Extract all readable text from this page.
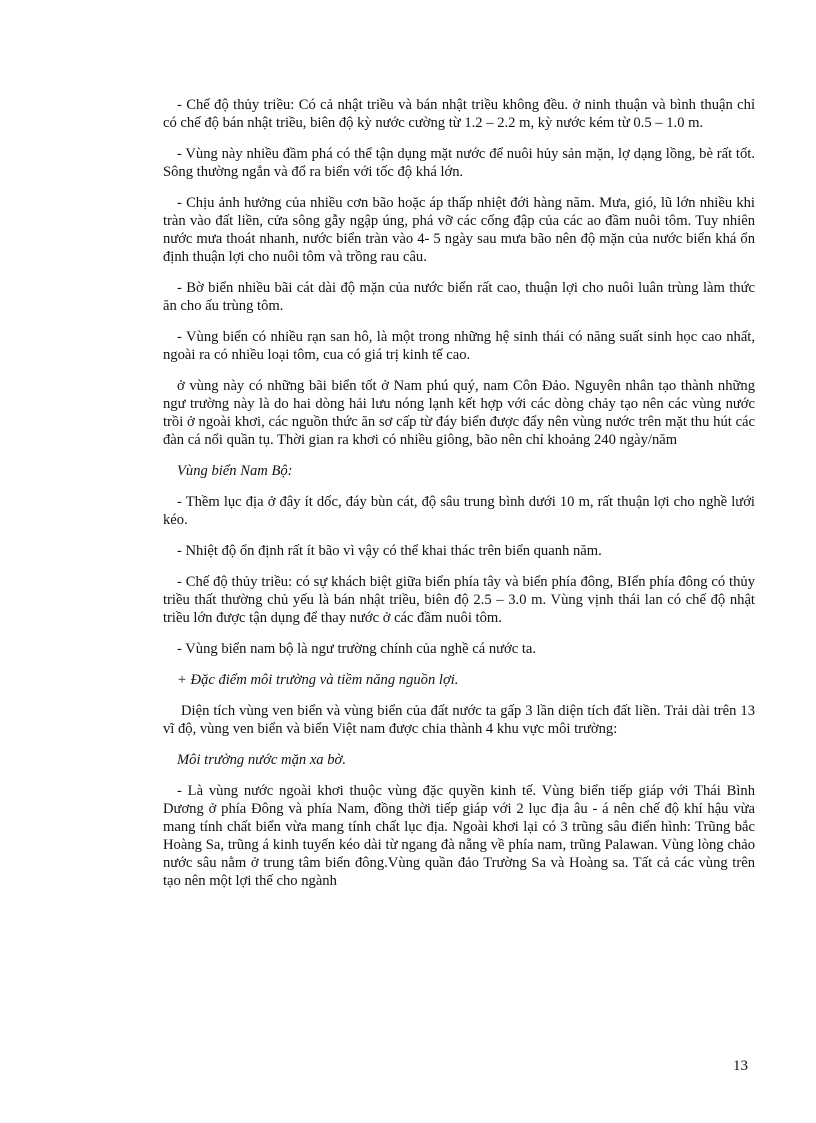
- Chế độ thủy triều: Có cả nhật triều và bán nhật triều không đều. ở ninh thuận và bình thuận chỉ có chế độ bán nhật triều, biên độ kỳ nước cường từ 1.2 – 2.2 m, kỳ nước kém từ 0.5 – 1.0 m.

- Vùng này nhiều đầm phá có thể tận dụng mặt nước để nuôi hủy sản mặn, lợ dạng lồng, bè rất tốt. Sông thường ngắn và đổ ra biển với tốc độ khá lớn.

- Chịu ảnh hưởng của nhiều cơn bão hoặc áp thấp nhiệt đới hàng năm. Mưa, gió, lũ lớn nhiều khi tràn vào đất liền, cửa sông gẫy ngập úng, phá vỡ các cống đập của các ao đầm nuôi tôm. Tuy nhiên nước mưa thoát nhanh, nước biển tràn vào 4- 5 ngày sau mưa bão nên độ mặn của nước biển khá ổn định thuận lợi cho nuôi tôm và trồng rau câu.

- Bờ biển nhiều bãi cát dài độ mặn của nước biển rất cao, thuận lợi cho nuôi luân trùng làm thức ăn cho ấu trùng tôm.

- Vùng biển có nhiều rạn san hô, là một trong những hệ sinh thái có năng suất sinh học cao nhất, ngoài ra có nhiều loại tôm, cua có giá trị kinh tế cao.

ở vùng này có những bãi biển tốt ở Nam phú quý, nam Côn Đảo. Nguyên nhân tạo thành những ngư trường này là do hai dòng hải lưu nóng lạnh kết hợp với các dòng chảy tạo nên các vùng nước trồi ở ngoài khơi, các nguồn thức ăn sơ cấp từ đáy biển được đẩy nên vùng nước trên mặt thu hút các đàn cá nổi quần tụ. Thời gian ra khơi có nhiều giông, bão nên chỉ khoảng 240 ngày/năm

Vùng biển Nam Bộ:

- Thềm lục địa ở đây ít dốc, đáy bùn cát, độ sâu trung bình dưới 10 m, rất thuận lợi cho nghề lưới kéo.

- Nhiệt độ ổn định rất ít bão vì vậy có thể khai thác trên biển quanh năm.

- Chế độ thủy triều: có sự khách biệt giữa biển phía tây và biển phía đông, BIển phía đông có thủy triều thất thường chủ yếu là bán nhật triều, biên độ 2.5 – 3.0 m. Vùng vịnh thái lan có chế độ nhật triều lớn được tận dụng để thay nước ở các đầm nuôi tôm.

- Vùng biển nam bộ là ngư trường chính của nghề cá nước ta.

+ Đặc điểm môi trường và tiềm năng nguồn lợi.

Diện tích vùng ven biển và vùng biển của đất nước ta gấp 3 lần diện tích đất liền. Trải dài trên 13 vĩ độ, vùng ven biển và biển Việt nam được chia thành 4 khu vực môi trường:

Môi trường nước mặn xa bờ.

- Là vùng nước ngoài khơi thuộc vùng đặc quyền kinh tế. Vùng biển tiếp giáp với Thái Bình Dương ở phía Đông và phía Nam, đồng thời tiếp giáp với 2 lục địa âu - á nên chế độ khí hậu vừa mang tính chất biển vừa mang tính chất lục địa. Ngoài khơi lại có 3 trũng sâu điển hình: Trũng bắc Hoàng Sa, trũng á kinh tuyến kéo dài từ ngang đà nẵng về phía nam, trũng Palawan. Vùng lòng chảo nước sâu nằm ở trung tâm biển đông.Vùng quần đảo Trường Sa và Hoàng sa. Tất cả các vùng trên tạo nên một lợi thế cho ngành

13
